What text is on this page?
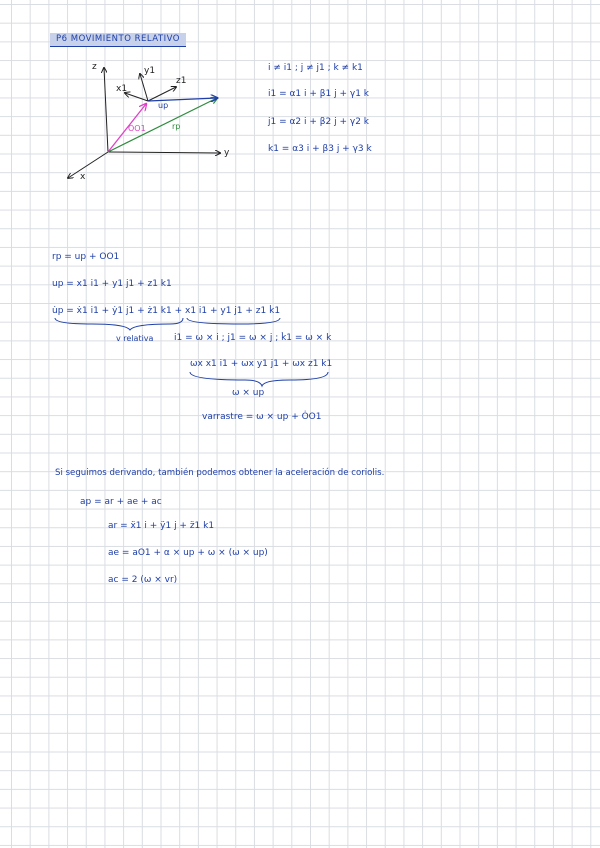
P6 MOVIMIENTO RELATIVO
z
y
x
z1
y1
x1
up
rp
OO1
i ≠ i1 ; j ≠ j1 ; k ≠ k1
i1 = α1 i + β1 j + γ1 k
j1 = α2 i + β2 j + γ2 k
k1 = α3 i + β3 j + γ3 k
rp = up + OO1
up = x1 i1 + y1 j1 + z1 k1
u̇p = ẋ1 i1 + ẏ1 j1 + ż1 k1 + x1 i̇1 + y1 j̇1 + z1 k̇1
v relativa i̇1 = ω × i ; j̇1 = ω × j ; k̇1 = ω × k
ωx x1 i1 + ωx y1 j1 + ωx z1 k1
ω × up
varrastre = ω × up + ȮO1
Si seguimos derivando, también podemos obtener la aceleración de coriolis.
ap = ar + ae + ac
ar = ẍ1 i + ÿ1 j + z̈1 k1
ae = aO1 + α × up + ω × (ω × up)
ac = 2 (ω × vr)
